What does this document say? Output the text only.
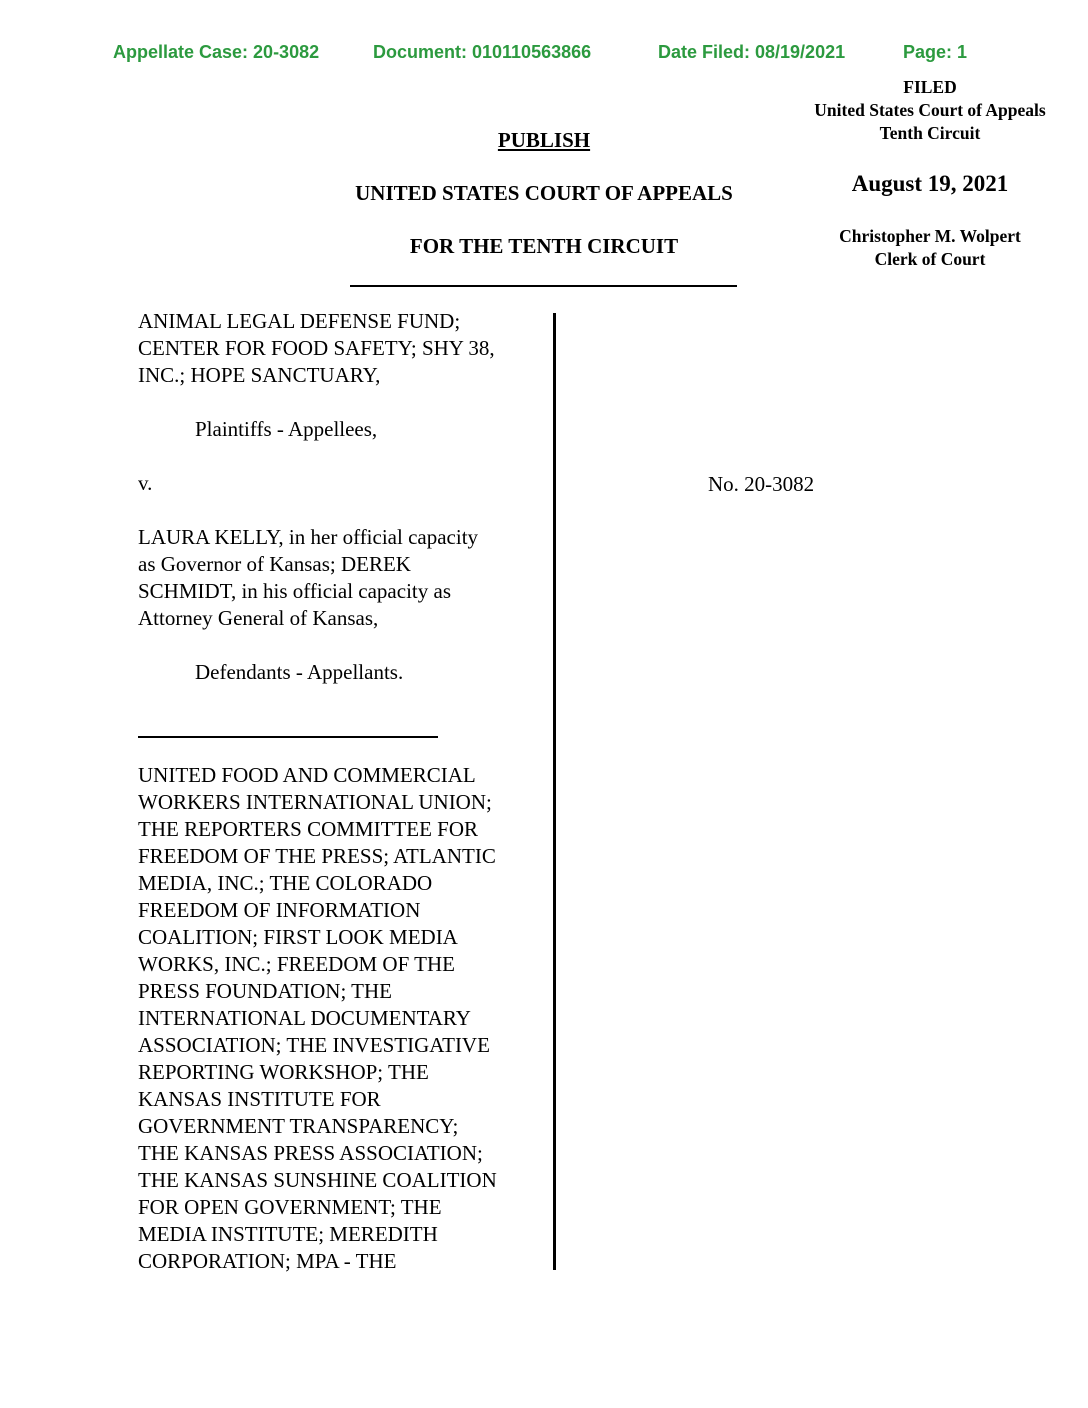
Appellate Case: 20-3082	Document: 010110563866	Date Filed: 08/19/2021	Page: 1
FILED
United States Court of Appeals
Tenth Circuit
August 19, 2021
Christopher M. Wolpert
Clerk of Court
PUBLISH
UNITED STATES COURT OF APPEALS
FOR THE TENTH CIRCUIT
No. 20-3082
ANIMAL LEGAL DEFENSE FUND;
CENTER FOR FOOD SAFETY; SHY 38,
INC.; HOPE SANCTUARY,

Plaintiffs - Appellees,

v.

LAURA KELLY, in her official capacity
as Governor of Kansas; DEREK
SCHMIDT, in his official capacity as
Attorney General of Kansas,

Defendants - Appellants.

UNITED FOOD AND COMMERCIAL
WORKERS INTERNATIONAL UNION;
THE REPORTERS COMMITTEE FOR
FREEDOM OF THE PRESS; ATLANTIC
MEDIA, INC.; THE COLORADO
FREEDOM OF INFORMATION
COALITION; FIRST LOOK MEDIA
WORKS, INC.; FREEDOM OF THE
PRESS FOUNDATION; THE
INTERNATIONAL DOCUMENTARY
ASSOCIATION; THE INVESTIGATIVE
REPORTING WORKSHOP; THE
KANSAS INSTITUTE FOR
GOVERNMENT TRANSPARENCY;
THE KANSAS PRESS ASSOCIATION;
THE KANSAS SUNSHINE COALITION
FOR OPEN GOVERNMENT; THE
MEDIA INSTITUTE; MEREDITH
CORPORATION; MPA - THE
